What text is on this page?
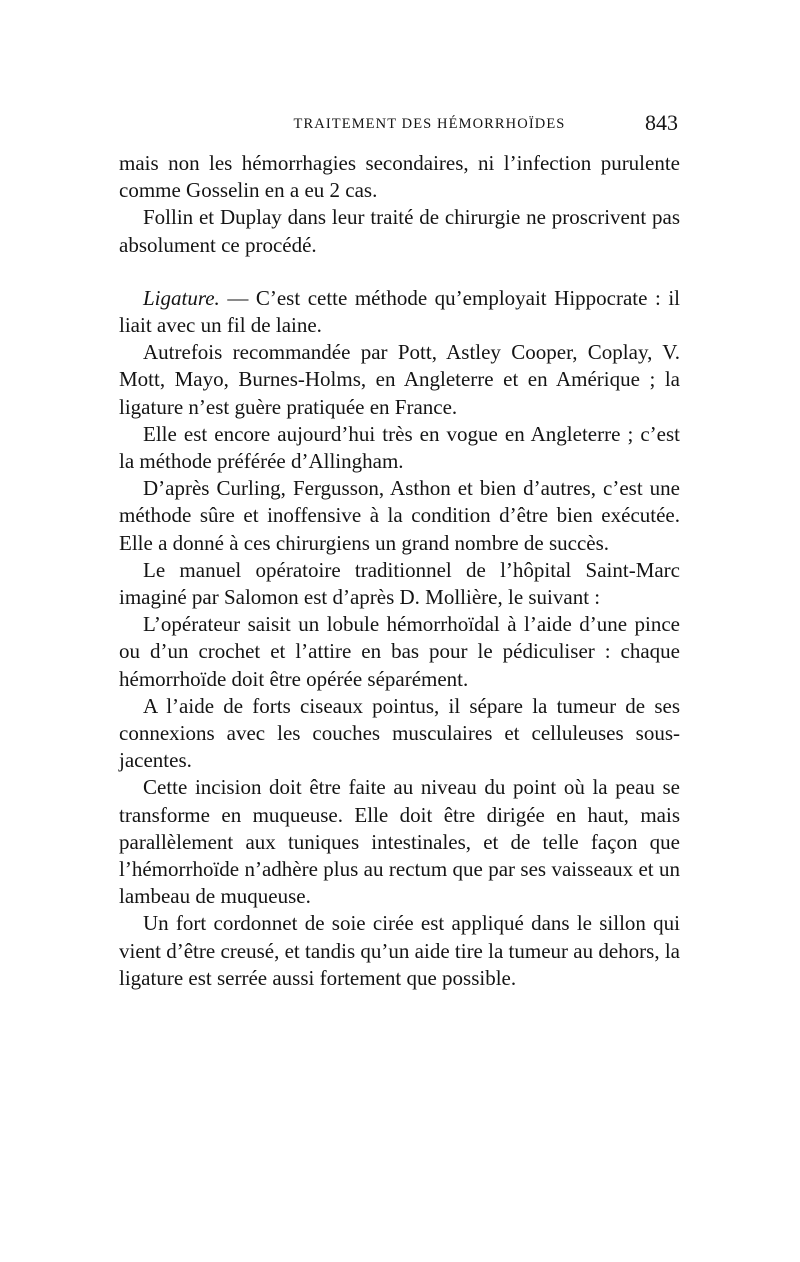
TRAITEMENT DES HÉMORRHOÏDES	843

mais non les hémorrhagies secondaires, ni l’infection purulente comme Gosselin en a eu 2 cas.

Follin et Duplay dans leur traité de chirurgie ne proscrivent pas absolument ce procédé.

Ligature. — C’est cette méthode qu’employait Hippocrate : il liait avec un fil de laine.

Autrefois recommandée par Pott, Astley Cooper, Coplay, V. Mott, Mayo, Burnes-Holms, en Angleterre et en Amérique ; la ligature n’est guère pratiquée en France.

Elle est encore aujourd’hui très en vogue en Angleterre ; c’est la méthode préférée d’Allingham.

D’après Curling, Fergusson, Asthon et bien d’autres, c’est une méthode sûre et inoffensive à la condition d’être bien exécutée. Elle a donné à ces chirurgiens un grand nombre de succès.

Le manuel opératoire traditionnel de l’hôpital Saint-Marc imaginé par Salomon est d’après D. Mollière, le suivant :

L’opérateur saisit un lobule hémorrhoïdal à l’aide d’une pince ou d’un crochet et l’attire en bas pour le pédiculiser : chaque hémorrhoïde doit être opérée séparément.

A l’aide de forts ciseaux pointus, il sépare la tumeur de ses connexions avec les couches musculaires et celluleuses sous-jacentes.

Cette incision doit être faite au niveau du point où la peau se transforme en muqueuse. Elle doit être dirigée en haut, mais parallèlement aux tuniques intestinales, et de telle façon que l’hémorrhoïde n’adhère plus au rectum que par ses vaisseaux et un lambeau de muqueuse.

Un fort cordonnet de soie cirée est appliqué dans le sillon qui vient d’être creusé, et tandis qu’un aide tire la tumeur au dehors, la ligature est serrée aussi fortement que possible.
